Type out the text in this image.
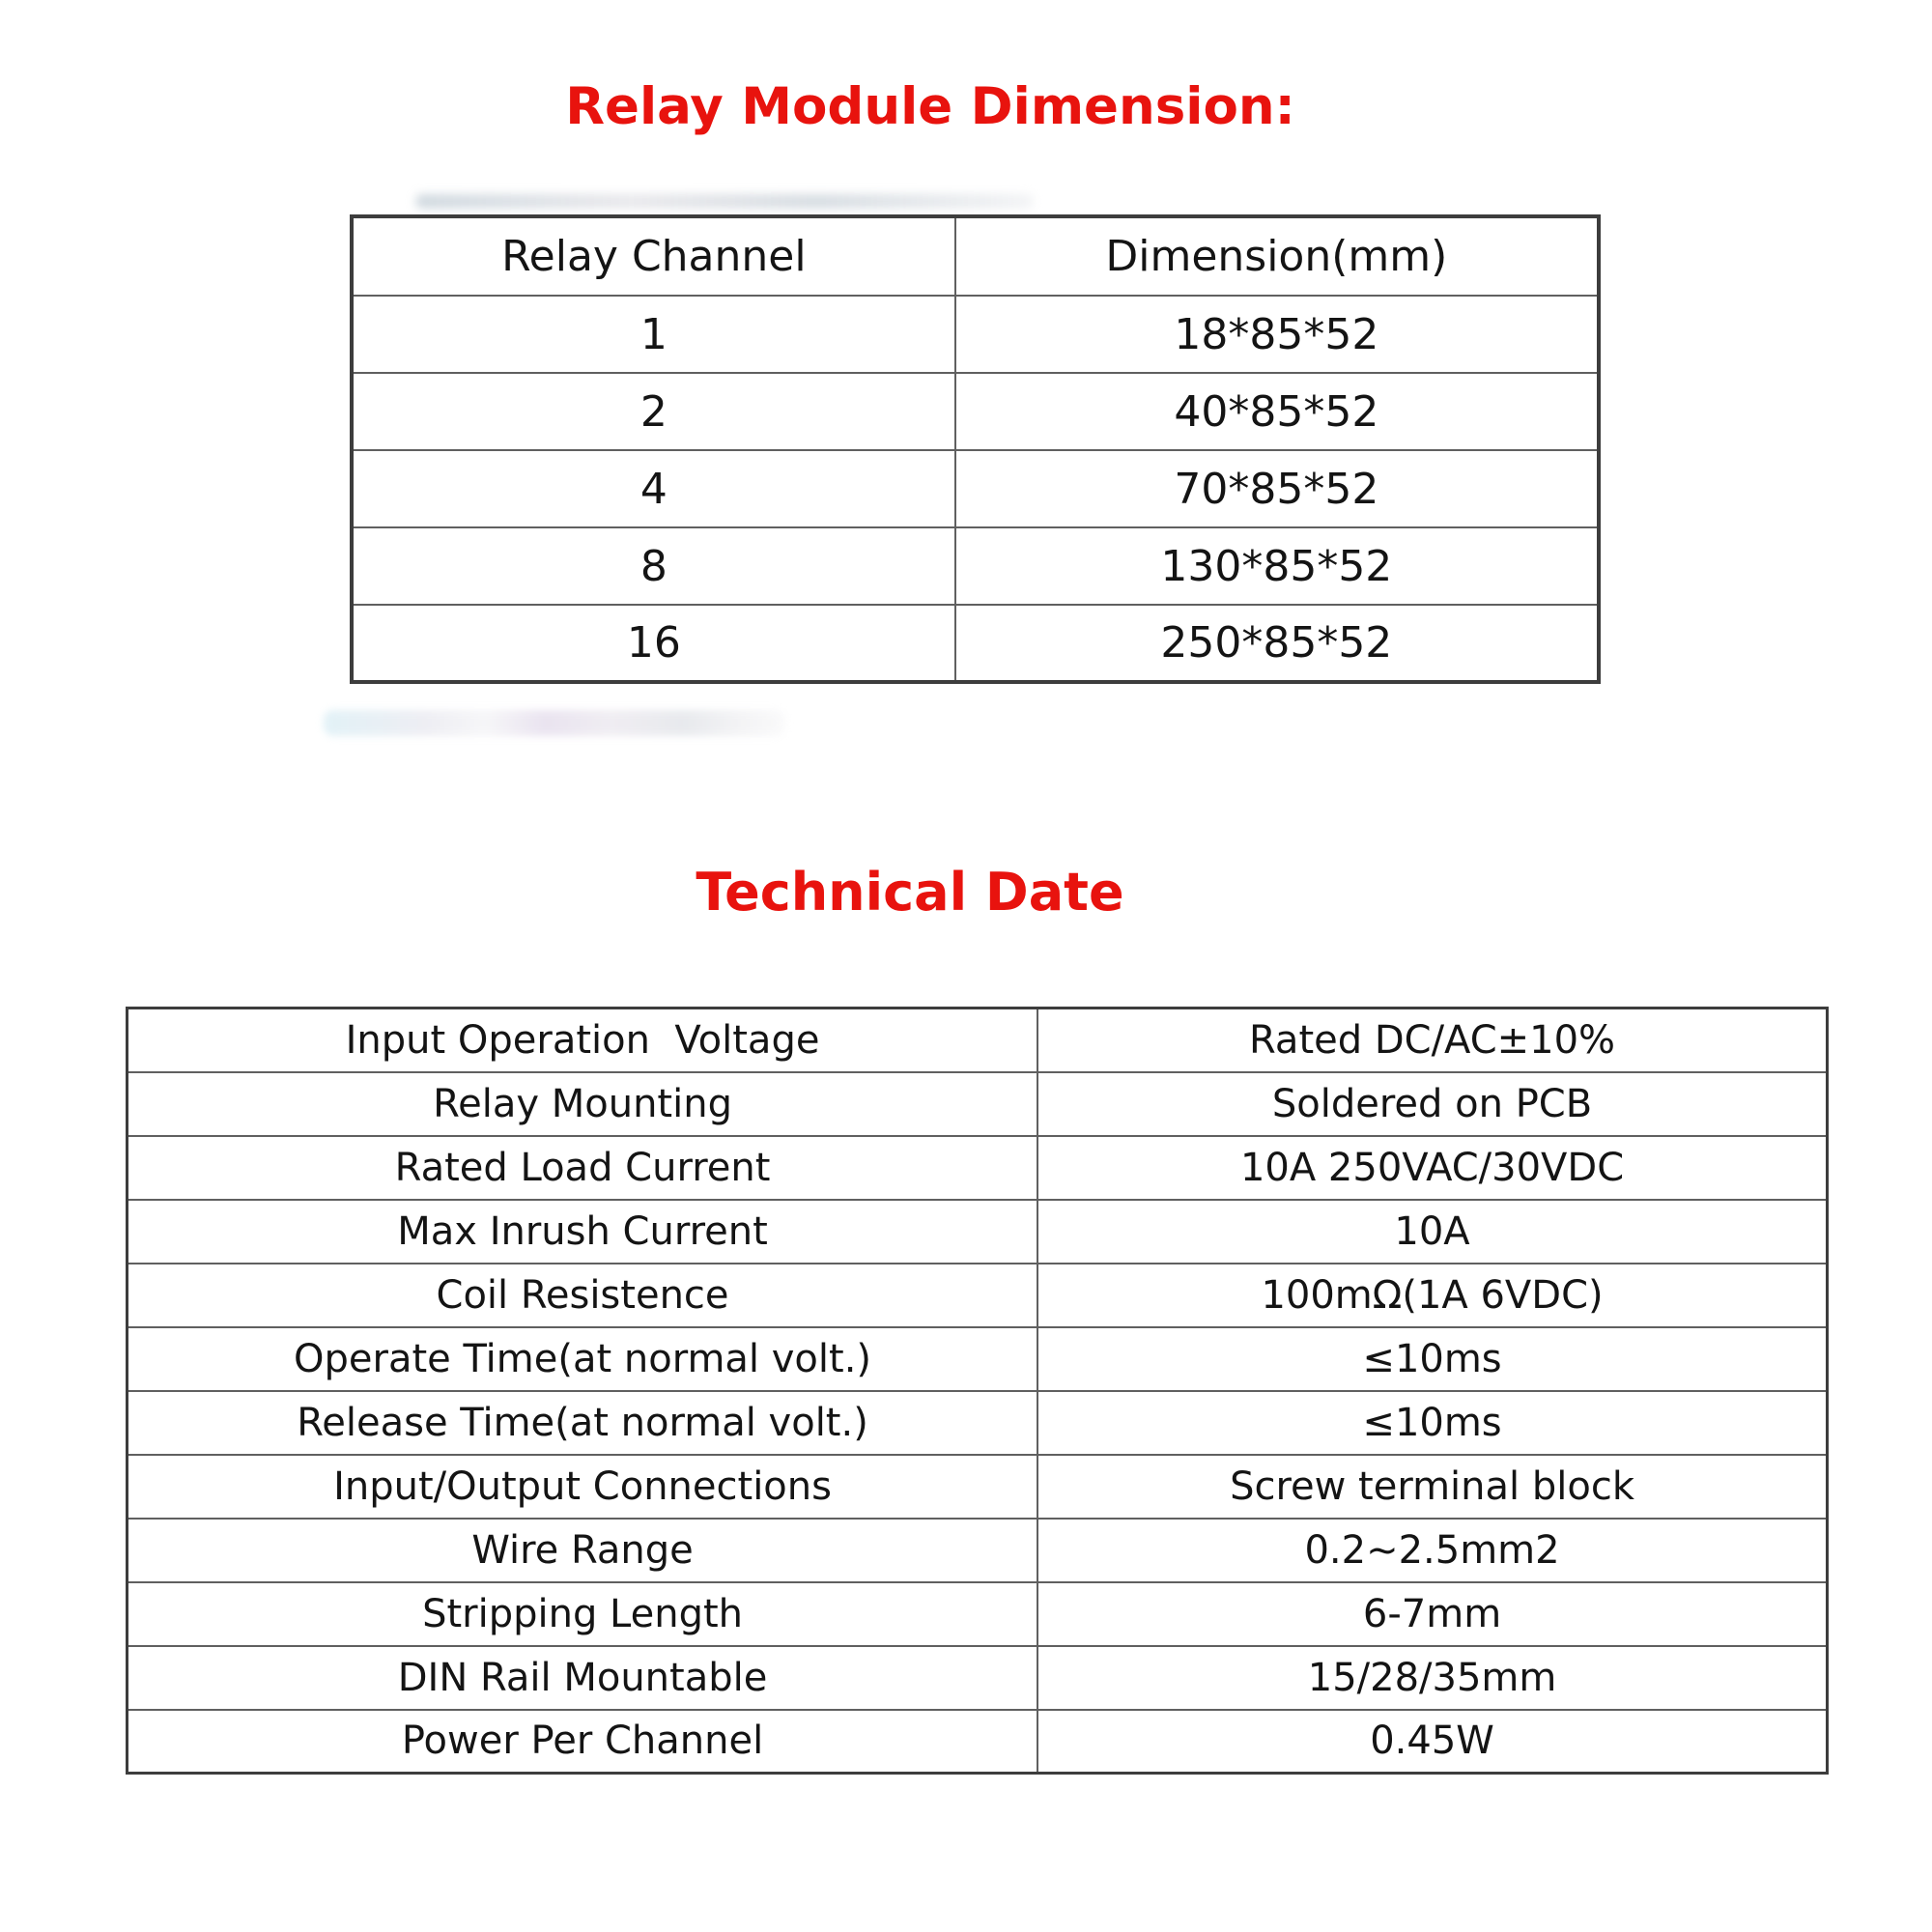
Relay Module Dimension:
Relay Channel	Dimension(mm)
1	18*85*52
2	40*85*52
4	70*85*52
8	130*85*52
16	250*85*52
Technical Date
Input Operation  Voltage	Rated DC/AC±10%
Relay Mounting	Soldered on PCB
Rated Load Current	10A 250VAC/30VDC
Max Inrush Current	10A
Coil Resistence	100mΩ(1A 6VDC)
Operate Time(at normal volt.)	≤10ms
Release Time(at normal volt.)	≤10ms
Input/Output Connections	Screw terminal block
Wire Range	0.2~2.5mm2
Stripping Length	6-7mm
DIN Rail Mountable	15/28/35mm
Power Per Channel	0.45W
